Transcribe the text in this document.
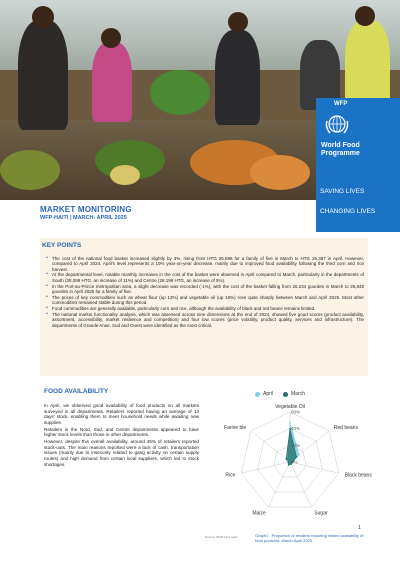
WFP
World Food Programme
SAVING LIVES
CHANGING LIVES
MARKET MONITORING
WFP-HAITI | MARCH- APRIL 2025
KEY POINTS
• The cost of the national food basket increased slightly by 3%, rising from HTG 25,598 for a family of five in March to HTG 26,387 in April. However, compared to April 2024, April's level represents a 10% year-on-year decrease, mainly due to improved food availability following the third corn and rice harvest.
• At the departmental level, notable monthly increases in the cost of the basket were observed in April compared to March, particularly in the departments of South (28,089 HTG, an increase of 11%) and Centre (28,199 HTG, an increase of 5%).
• In the Port-au-Prince metropolitan area, a slight decrease was recorded (-1%), with the cost of the basket falling from 26,234 gourdes in March to 25,848 gourdes in April 2025 for a family of five.
• The prices of key commodities such as wheat flour (up 13%) and vegetable oil (up 18%) rose quite sharply between March and April 2025. Most other commodities remained stable during this period.
• Food commodities are generally available, particularly corn and rice, although the availability of black and red beans remains limited.
• The national market functionality analysis, which was assessed across nine dimensions at the end of 2024, showed five good scores (product availability, assortment, accessibility, market resilience and competition) and four low scores (price volatility, product quality, services and infrastructure). The departments of Grande Anse, Sud and Ouest were identified as the most critical.
FOOD AVAILABILITY

In April, we observed good availability of food products on all markets surveyed in all departments. Retailers reported having an average of 13 days' stock, enabling them to meet household needs while awaiting new supplies.

Retailers in the Nord, Sud, and Centre departments appeared to have higher stock levels than those in other departments.

However, despite this overall availability, around 45% of retailers reported stock-outs. The main reasons reported were a lack of cash, transportation issues (mainly due to insecurity related to gang activity on certain supply routes) and high demand from certain local suppliers, which led to stock shortages.

April	March
0%
20%
40%
60%
Vegetable Oil
Red beans
Black beans
Sugar
Maize
Rice
Farine ble
Source: WAM Unit, Haiti	Graph1 : Proportion of retailers reporting limited availability of food products, March-April 2025
1
